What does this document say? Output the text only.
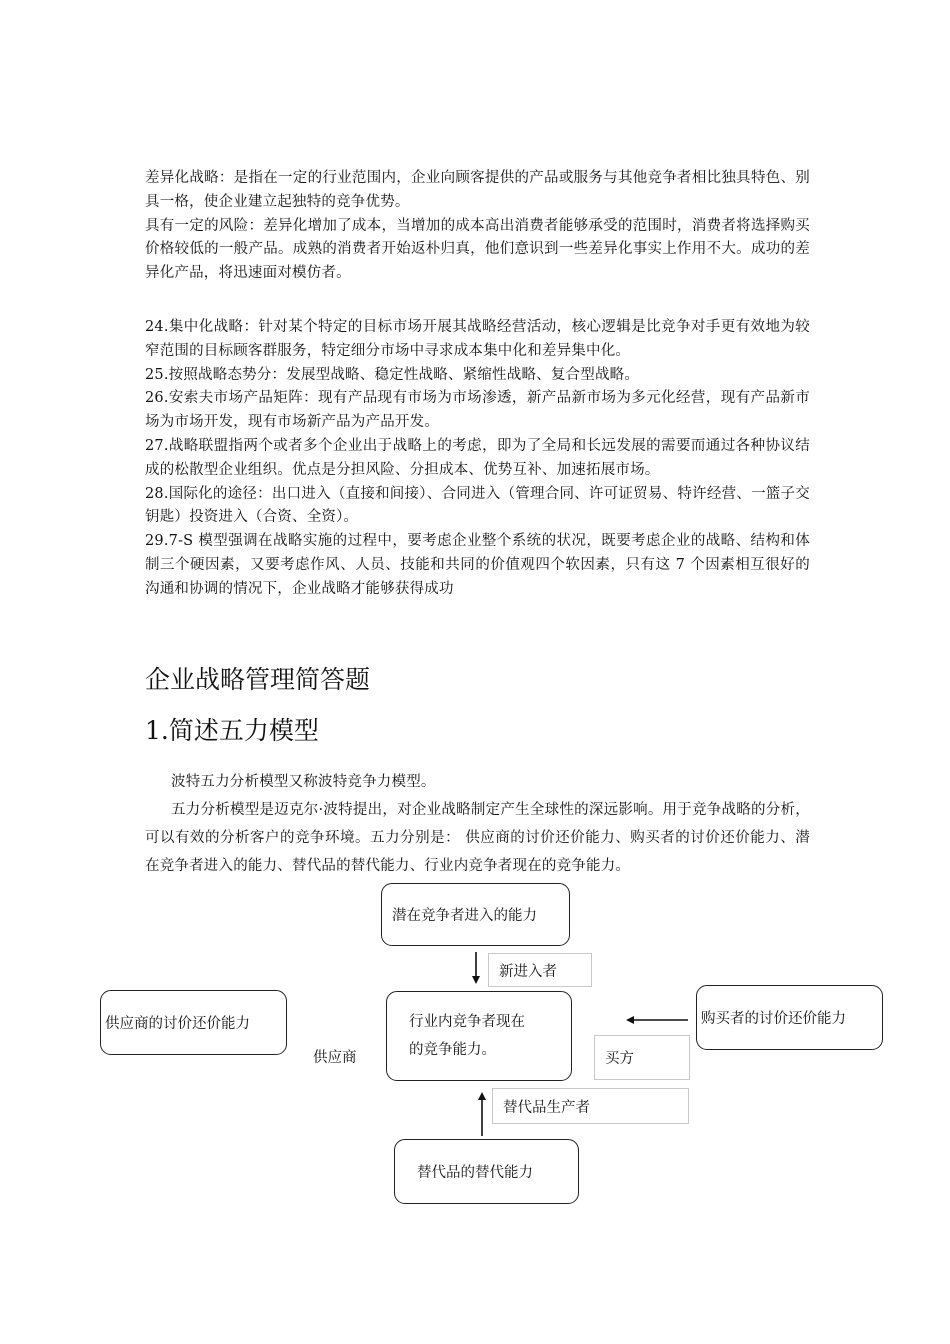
差异化战略：是指在一定的行业范围内，企业向顾客提供的产品或服务与其他竞争者相比独具特色、别具一格，使企业建立起独特的竞争优势。

具有一定的风险：差异化增加了成本，当增加的成本高出消费者能够承受的范围时，消费者将选择购买价格较低的一般产品。成熟的消费者开始返朴归真，他们意识到一些差异化事实上作用不大。成功的差异化产品，将迅速面对模仿者。

24.集中化战略：针对某个特定的目标市场开展其战略经营活动，核心逻辑是比竞争对手更有效地为较窄范围的目标顾客群服务，特定细分市场中寻求成本集中化和差异集中化。

25.按照战略态势分：发展型战略、稳定性战略、紧缩性战略、复合型战略。

26.安索夫市场产品矩阵：现有产品现有市场为市场渗透，新产品新市场为多元化经营，现有产品新市场为市场开发，现有市场新产品为产品开发。

27.战略联盟指两个或者多个企业出于战略上的考虑，即为了全局和长远发展的需要而通过各种协议结成的松散型企业组织。优点是分担风险、分担成本、优势互补、加速拓展市场。

28.国际化的途径：出口进入（直接和间接）、合同进入（管理合同、许可证贸易、特许经营、一篮子交钥匙）投资进入（合资、全资）。

29.7-S 模型强调在战略实施的过程中，要考虑企业整个系统的状况，既要考虑企业的战略、结构和体制三个硬因素，又要考虑作风、人员、技能和共同的价值观四个软因素，只有这 7 个因素相互很好的沟通和协调的情况下，企业战略才能够获得成功

企业战略管理简答题
1.简述五力模型

波特五力分析模型又称波特竞争力模型。

五力分析模型是迈克尔·波特提出，对企业战略制定产生全球性的深远影响。用于竞争战略的分析，可以有效的分析客户的竞争环境。五力分别是： 供应商的讨价还价能力、购买者的讨价还价能力、潜在竞争者进入的能力、替代品的替代能力、行业内竞争者现在的竞争能力。

潜在竞争者进入的能力
新进入者
供应商的讨价还价能力
供应商
行业内竞争者现在
的竞争能力。
买方
购买者的讨价还价能力
替代品生产者
替代品的替代能力
